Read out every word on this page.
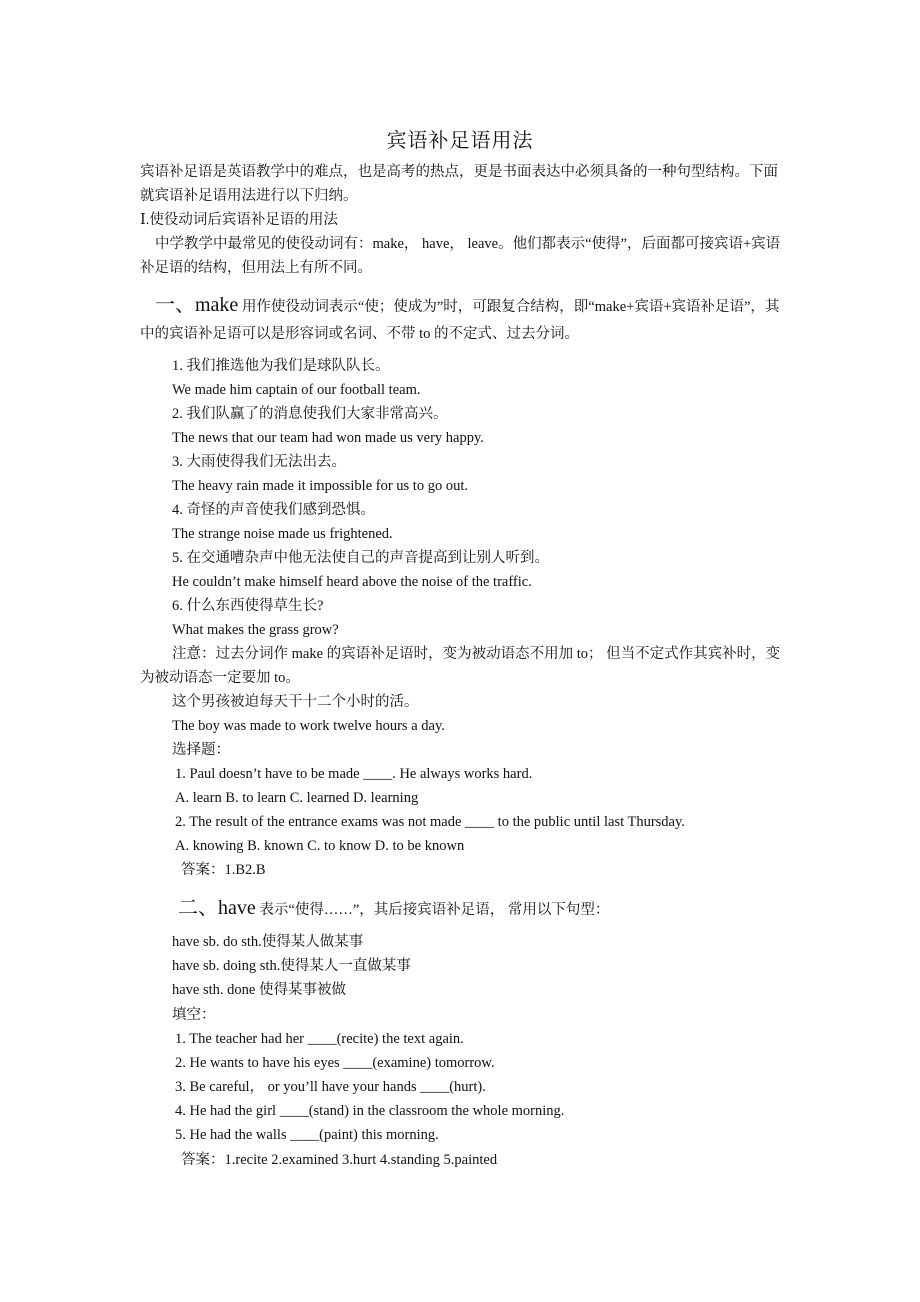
宾语补足语用法

宾语补足语是英语教学中的难点，也是高考的热点，更是书面表达中必须具备的一种句型结构。下面就宾语补足语用法进行以下归纳。

Ⅰ.使役动词后宾语补足语的用法

中学教学中最常见的使役动词有：make， have， leave。他们都表示“使得”，后面都可接宾语+宾语补足语的结构，但用法上有所不同。

一、make 用作使役动词表示“使；使成为”时，可跟复合结构，即“make+宾语+宾语补足语”，其中的宾语补足语可以是形容词或名词、不带 to 的不定式、过去分词。

1. 我们推选他为我们是球队队长。
We made him captain of our football team.
2. 我们队赢了的消息使我们大家非常高兴。
The news that our team had won made us very happy.
3. 大雨使得我们无法出去。
The heavy rain made it impossible for us to go out.
4. 奇怪的声音使我们感到恐惧。
The strange noise made us frightened.
5. 在交通嘈杂声中他无法使自己的声音提高到让别人听到。
He couldn’t make himself heard above the noise of the traffic.
6. 什么东西使得草生长?
What makes the grass grow?

注意：过去分词作 make 的宾语补足语时，变为被动语态不用加 to； 但当不定式作其宾补时，变为被动语态一定要加 to。

这个男孩被迫每天干十二个小时的活。
The boy was made to work twelve hours a day.
选择题：
1. Paul doesn’t have to be made ____. He always works hard.
A. learn B. to learn C. learned D. learning
2. The result of the entrance exams was not made ____ to the public until last Thursday.
A. knowing B. known C. to know D. to be known
答案：1.B2.B
二、have 表示“使得……”，其后接宾语补足语， 常用以下句型：
have sb. do sth.使得某人做某事
have sb. doing sth.使得某人一直做某事
have sth. done 使得某事被做
填空：
1. The teacher had her ____(recite) the text again.
2. He wants to have his eyes ____(examine) tomorrow.
3. Be careful， or you’ll have your hands ____(hurt).
4. He had the girl ____(stand) in the classroom the whole morning.
5. He had the walls ____(paint) this morning.
答案：1.recite 2.examined 3.hurt 4.standing 5.painted
